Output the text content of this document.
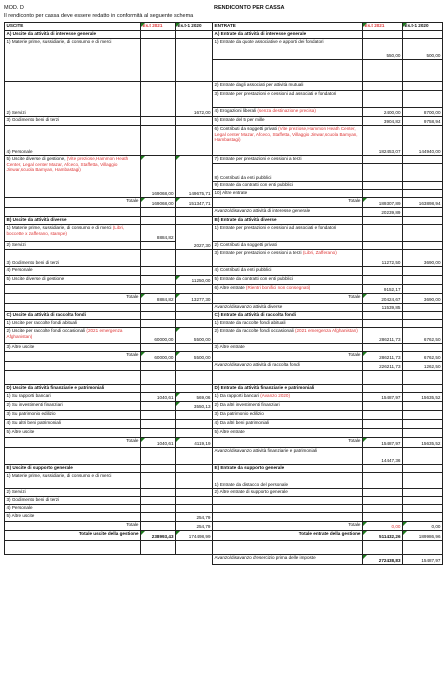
MOD. D	RENDICONTO PER CASSA
Il rendiconto per cassa deve essere redatto in conformità al seguente schema
USCITE	Es.t 2021	Es.t-1 2020	ENTRATE	Es.t 2021	Es.t-1 2020
A) Uscite da attività di interesse generale			A) Entrate da attività di interesse generale		
1) Materie prime, sussidiarie, di consumo e di merci			1) Entrate da quote associative e apporti dei fondatori	550,00	500,00

2) Servizi		1672,00	2) Entrate dagli associati per attività mutuali		
			3) Entrate per prestazioni e cessioni ad associati e fondatori		
			4) Erogazioni liberali (senza destinazione precisa)	2400,00	8700,00
3) Godimento beni di terzi			5) Entrate del 5 per mille	3904,82	9758,94
4) Personale			6) Contributi da soggetti privati (Vite preziose,Hammon Heath Center, Legal center Mazar, Afceco, Staffetta, Villaggio Jinwar,scuola Bamyan, Hambastagi)	182453,07	144940,00
5) Uscite diverse di gestione, (Vite preziose,Hammon Heath Center, Legal center Mazar, Afceco, Staffetta, Villaggio Jinwar,scuola Bamyan, Hambastagi)	169068,00	149675,71	7) Entrate per prestazioni e cessioni a terzi		
			8) Contributi da enti pubblici		
			9) Entrate da contratti con enti pubblici		
			10) Altre entrate		
Totale	169068,00	151347,71	Totale	189307,89	163898,94
			Avanzo/disavanzo attività di interesse generale	20239,89	
B) Uscite da attività diverse			B) Entrate da attività diverse		
1) Materie prime, sussidiarie, di consumo e di merci (Libri, boccette x zafferano, stampe)	8884,82	2027,30	1) Entrate per prestazioni e cessioni ad associati e fondatori		
2) Servizi			2) Contributi da soggetti privati		
3) Godimento beni di terzi			3) Entrate per prestazioni e cessioni a terzi (Libri, Zafferano)	11272,50	3690,00
4) Personale			4) Contributi da enti pubblici		
5) Uscite diverse di gestione		11250,00	5) Entrate da contratti con enti pubblici		
			6) Altre entrate (Rientri bonifici non consegnati)	9152,17	
Totale	8884,82	13277,30	Totale	20424,67	3690,00
			Avanzo/disavanzo attività diverse	11539,85	
C) Uscite da attività di raccolta fondi			C) Entrate da attività di raccolta fondi		
1) Uscite per raccolte fondi abituali			1) Entrate da raccolte fondi abituali		
2) Uscite per raccolte fondi occasionali (2021 emergenza Afghanistan)	60000,00	5500,00	2) Entrate da raccolte fondi occasionali (2021 emergenza Afghanistan)	286211,73	6762,50
3) Altre uscite			3) Altre entrate		
Totale	60000,00	5500,00	Totale	286211,73	6762,50
			Avanzo/disavanzo attività di raccolta fondi	226211,73	1262,50

D) Uscite da attività finanziarie e patrimoniali			D) Entrate da attività finanziarie e patrimoniali		
1) Su rapporti bancari	1040,61	569,06	1) Da rapporti bancari (Avanzo 2020)	15487,97	15635,52
2) Su investimenti finanziari		3550,13	2) Da altri investimenti finanziari		
3) Su patrimonio edilizio			3) Da patrimonio edilizio		
4) Su altri beni patrimoniali			4) Da altri beni patrimoniali		
5) Altre uscite			5) Altre entrate		
Totale	1040,61	4119,19	Totale	15487,97	15635,52
			Avanzo/disavanzo attività finanziarie e patrimoniali	14447,36	
E) Uscite di supporto generale			E) Entrate da supporto generale		
1) Materie prime, sussidiarie, di consumo e di merci			1) Entrate da distacco del personale		
2) Servizi			2) Altre entrate di supporto generale		
3) Godimento beni di terzi					
4) Personale					
5) Altre uscite		254,79			
Totale		254,79	Totale	0,00	0,00
Totale uscite della gestione	238993,43	174498,99	Totale entrate della gestione	511432,26	189986,96

			Avanzo/disavanzo d'esercizio prima delle imposte	272438,83	15487,97
